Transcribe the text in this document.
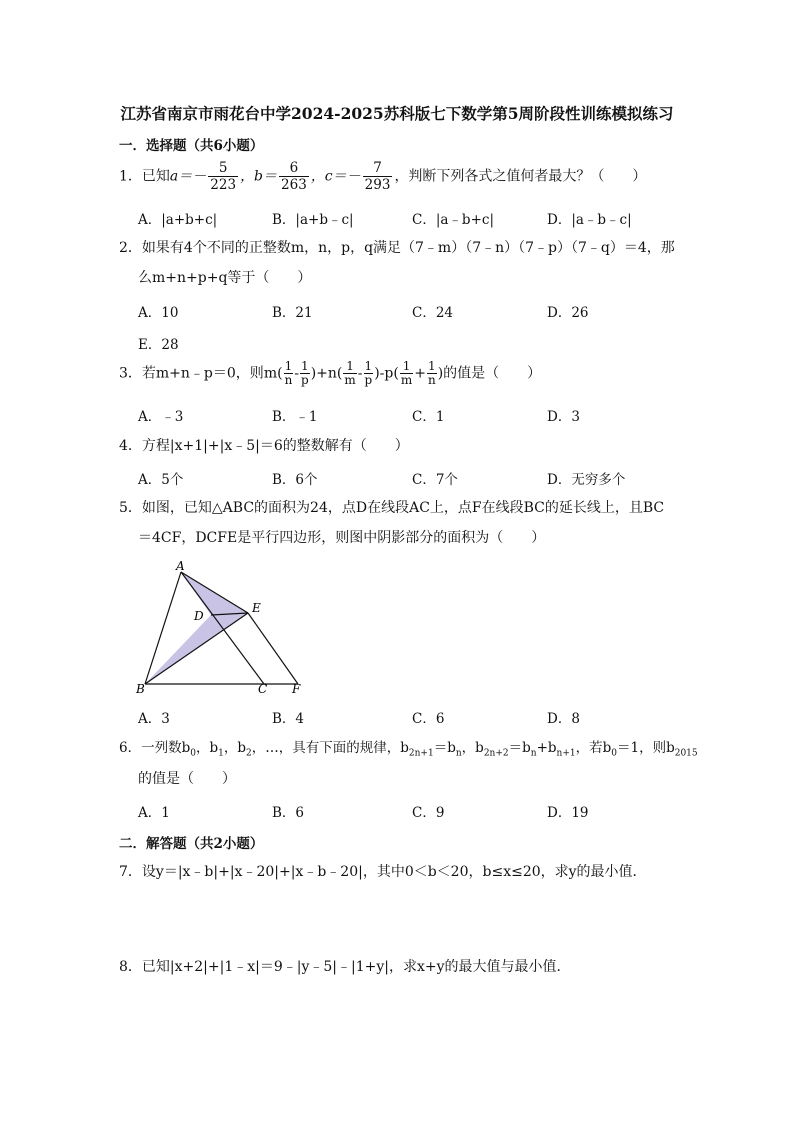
江苏省南京市雨花台中学2024-2025苏科版七下数学第5周阶段性训练模拟练习
一．选择题（共6小题）
1．已知$a=- \frac{5}{223}$ ，$b= \frac{6}{263}$ ，$c=- \frac{7}{293}$ ，判断下列各式之值何者最大？（　　）
A．|a+b+c|	B．|a+b﹣c|	C．|a﹣b+c|	D．|a﹣b﹣c|
2．如果有4个不同的正整数m，n，p，q满足（7﹣m）（7﹣n）（7﹣p）（7﹣q）＝4，那
么m+n+p+q等于（　　）
A．10	B．21	C．24	D．26
E．28
3．若m+n﹣p＝0，则$m( \frac{1}{n} - \frac{1}{p} )+n( \frac{1}{m} - \frac{1}{p} )-p( \frac{1}{m} + \frac{1}{n}$ )的值是（　　）
A．﹣3	B．﹣1	C．1	D．3
4．方程|x+1|+|x﹣5|＝6的整数解有（　　）
A．5个	B．6个	C．7个	D．无穷多个
5．如图，已知△ABC的面积为24，点D在线段AC上，点F在线段BC的延长线上，且BC
＝4CF，DCFE是平行四边形，则图中阴影部分的面积为（　　）
A
B	C
D
E
F
A．3	B．4	C．6	D．8
6．一列数$b_0$，$b_1$，$b_2$，…，具有下面的规律，$b_{2n+1}=b_n$，$b_{2n+2}=b_n+b_{n+1}$，若$b_0=1$，则$b_{2015}$
的值是（　　）
A．1	B．6	C．9	D．19
二．解答题（共2小题）
7．设y＝|x﹣b|+|x﹣20|+|x﹣b﹣20|，其中0＜b＜20，b≤x≤20，求y的最小值．
8．已知|x+2|+|1﹣x|＝9﹣|y﹣5|﹣|1+y|，求x+y的最大值与最小值．
